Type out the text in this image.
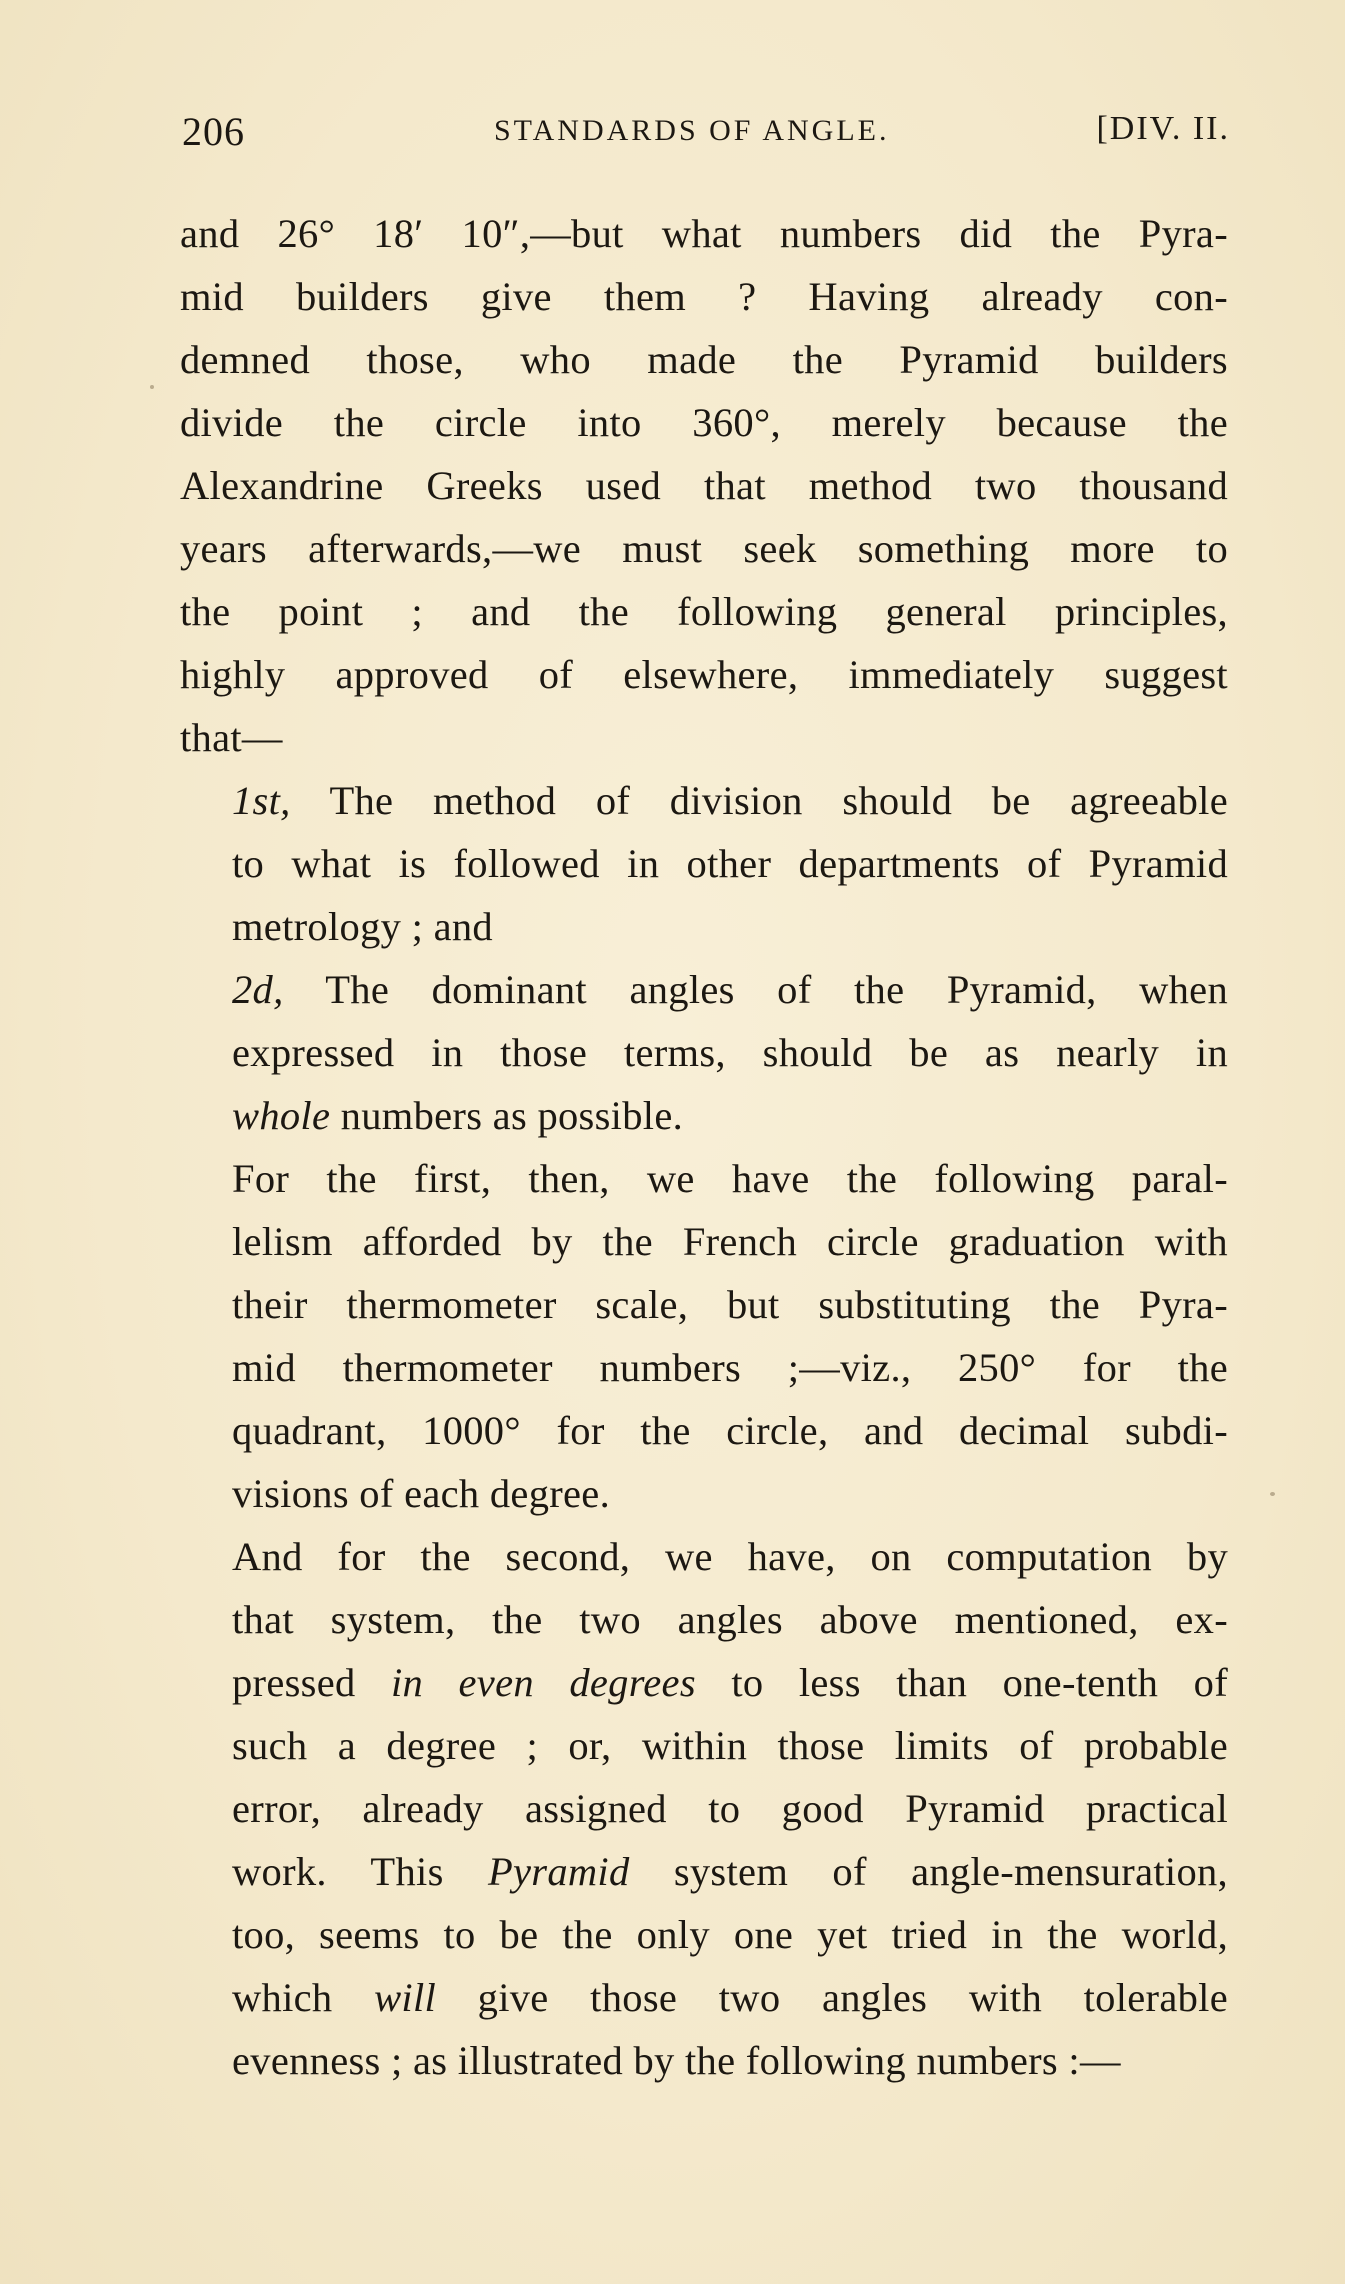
206	STANDARDS OF ANGLE.	[DIV. II.

and 26° 18′ 10″,—but what numbers did the Pyra-
mid builders give them ? Having already con-
demned those, who made the Pyramid builders
divide the circle into 360°, merely because the
Alexandrine Greeks used that method two thousand
years afterwards,—we must seek something more to
the point ; and the following general principles,
highly approved of elsewhere, immediately suggest
that—

1st, The method of division should be agreeable
to what is followed in other departments of Pyramid
metrology ; and

2d, The dominant angles of the Pyramid, when
expressed in those terms, should be as nearly in
whole numbers as possible.

For the first, then, we have the following paral-
lelism afforded by the French circle graduation with
their thermometer scale, but substituting the Pyra-
mid thermometer numbers ;—viz., 250° for the
quadrant, 1000° for the circle, and decimal subdi-
visions of each degree.

And for the second, we have, on computation by
that system, the two angles above mentioned, ex-
pressed in even degrees to less than one-tenth of
such a degree ; or, within those limits of probable
error, already assigned to good Pyramid practical
work. This Pyramid system of angle-mensuration,
too, seems to be the only one yet tried in the world,
which will give those two angles with tolerable
evenness ; as illustrated by the following numbers :—
